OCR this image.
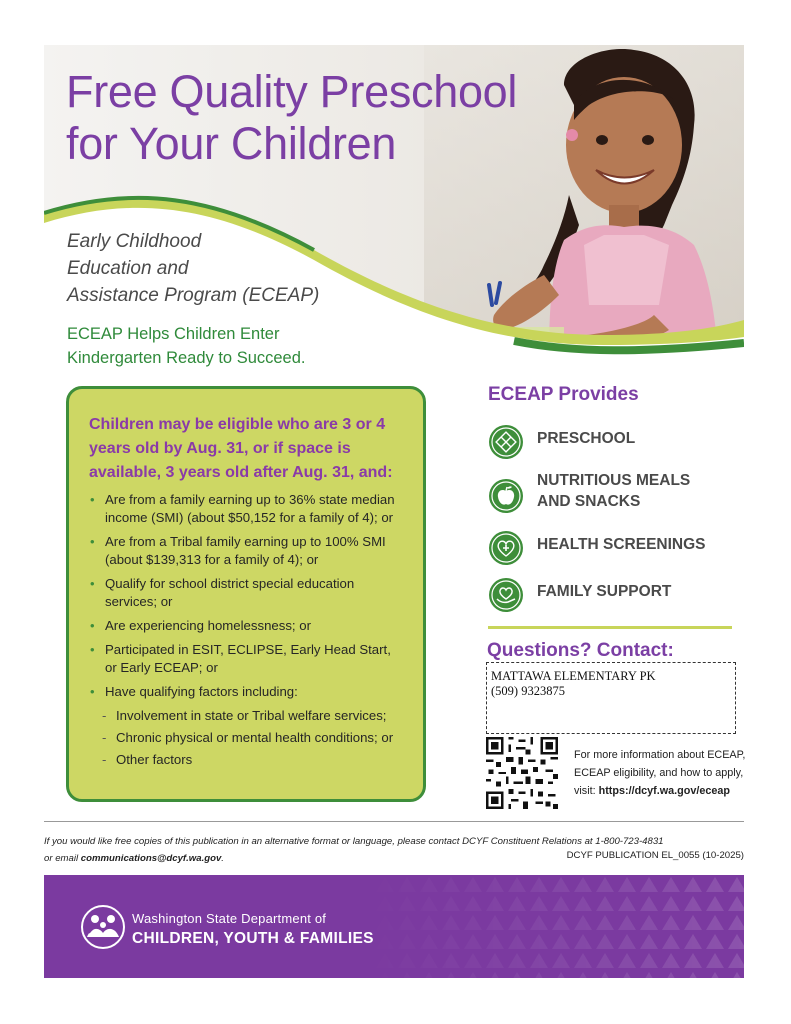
Free Quality Preschool
for Your Children
Early Childhood
Education and
Assistance Program (ECEAP)
ECEAP Helps Children Enter
Kindergarten Ready to Succeed.
Children may be eligible who are 3 or 4 years old by Aug. 31, or if space is available, 3 years old after Aug. 31, and:
• Are from a family earning up to 36% state median income (SMI) (about $50,152 for a family of 4); or
• Are from a Tribal family earning up to 100% SMI (about $139,313 for a family of 4); or
• Qualify for school district special education services; or
• Are experiencing homelessness; or
• Participated in ESIT, ECLIPSE, Early Head Start, or Early ECEAP; or
• Have qualifying factors including:
- Involvement in state or Tribal welfare services;
- Chronic physical or mental health conditions; or
- Other factors
ECEAP Provides
PRESCHOOL
NUTRITIOUS MEALS
AND SNACKS
HEALTH SCREENINGS
FAMILY SUPPORT
Questions? Contact:
MATTAWA ELEMENTARY PK
(509) 9323875
For more information about ECEAP, ECEAP eligibility, and how to apply, visit: https://dcyf.wa.gov/eceap
If you would like free copies of this publication in an alternative format or language, please contact DCYF Constituent Relations at 1-800-723-4831
or email communications@dcyf.wa.gov.	DCYF PUBLICATION EL_0055 (10-2025)
Washington State Department of
CHILDREN, YOUTH & FAMILIES
